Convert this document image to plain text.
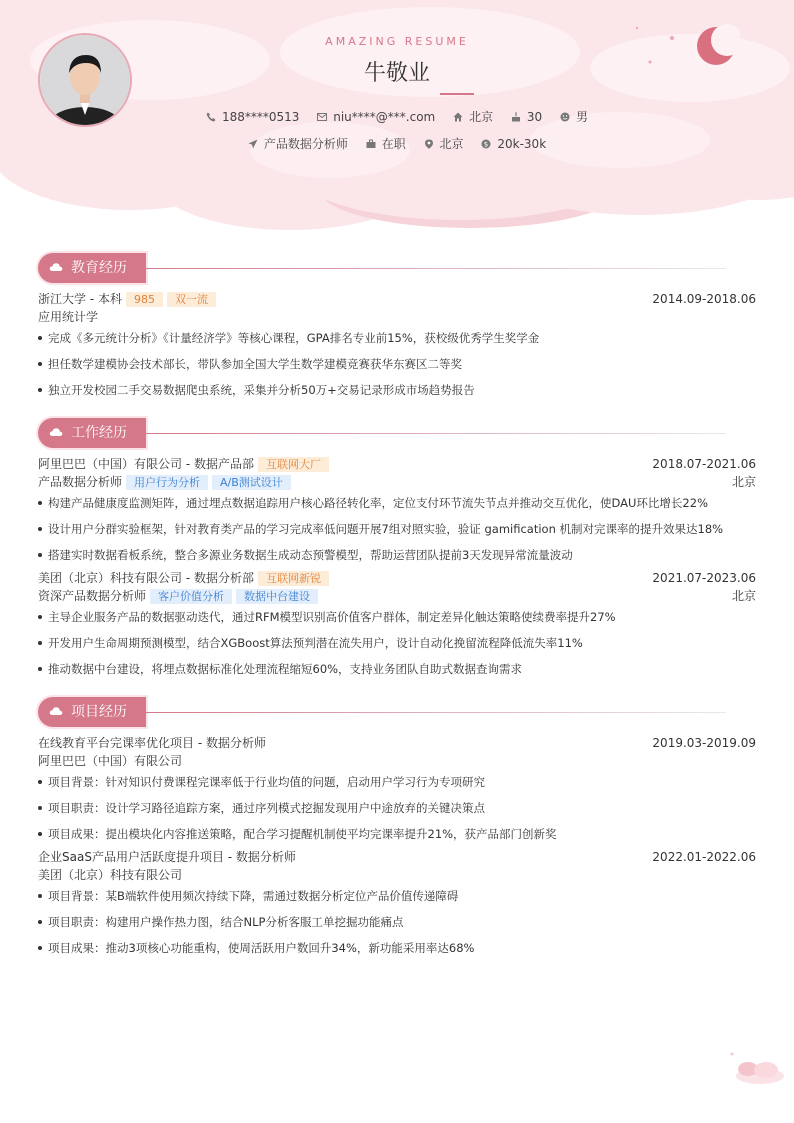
AMAZING RESUME
牛敬业
188****0513	niu****@***.com	北京	30	男
产品数据分析师	在职	北京	$ 20k-30k
教育经历
浙江大学 - 本科 985 双一流	2014.09-2018.06
应用统计学
完成《多元统计分析》《计量经济学》等核心课程，GPA排名专业前15%，获校级优秀学生奖学金
担任数学建模协会技术部长，带队参加全国大学生数学建模竞赛获华东赛区二等奖
独立开发校园二手交易数据爬虫系统，采集并分析50万+交易记录形成市场趋势报告
工作经历
阿里巴巴（中国）有限公司 - 数据产品部 互联网大厂	2018.07-2021.06
产品数据分析师 用户行为分析 A/B测试设计	北京
构建产品健康度监测矩阵，通过埋点数据追踪用户核心路径转化率，定位支付环节流失节点并推动交互优化，使DAU环比增长22%
设计用户分群实验框架，针对教育类产品的学习完成率低问题开展7组对照实验，验证 gamification 机制对完课率的提升效果达18%
搭建实时数据看板系统，整合多源业务数据生成动态预警模型，帮助运营团队提前3天发现异常流量波动
美团（北京）科技有限公司 - 数据分析部 互联网新锐	2021.07-2023.06
资深产品数据分析师 客户价值分析 数据中台建设	北京
主导企业服务产品的数据驱动迭代，通过RFM模型识别高价值客户群体，制定差异化触达策略使续费率提升27%
开发用户生命周期预测模型，结合XGBoost算法预判潜在流失用户，设计自动化挽留流程降低流失率11%
推动数据中台建设，将埋点数据标准化处理流程缩短60%，支持业务团队自助式数据查询需求
项目经历
在线教育平台完课率优化项目 - 数据分析师	2019.03-2019.09
阿里巴巴（中国）有限公司
项目背景：针对知识付费课程完课率低于行业均值的问题，启动用户学习行为专项研究
项目职责：设计学习路径追踪方案，通过序列模式挖掘发现用户中途放弃的关键决策点
项目成果：提出模块化内容推送策略，配合学习提醒机制使平均完课率提升21%，获产品部门创新奖
企业SaaS产品用户活跃度提升项目 - 数据分析师	2022.01-2022.06
美团（北京）科技有限公司
项目背景：某B端软件使用频次持续下降，需通过数据分析定位产品价值传递障碍
项目职责：构建用户操作热力图，结合NLP分析客服工单挖掘功能痛点
项目成果：推动3项核心功能重构，使周活跃用户数回升34%，新功能采用率达68%
